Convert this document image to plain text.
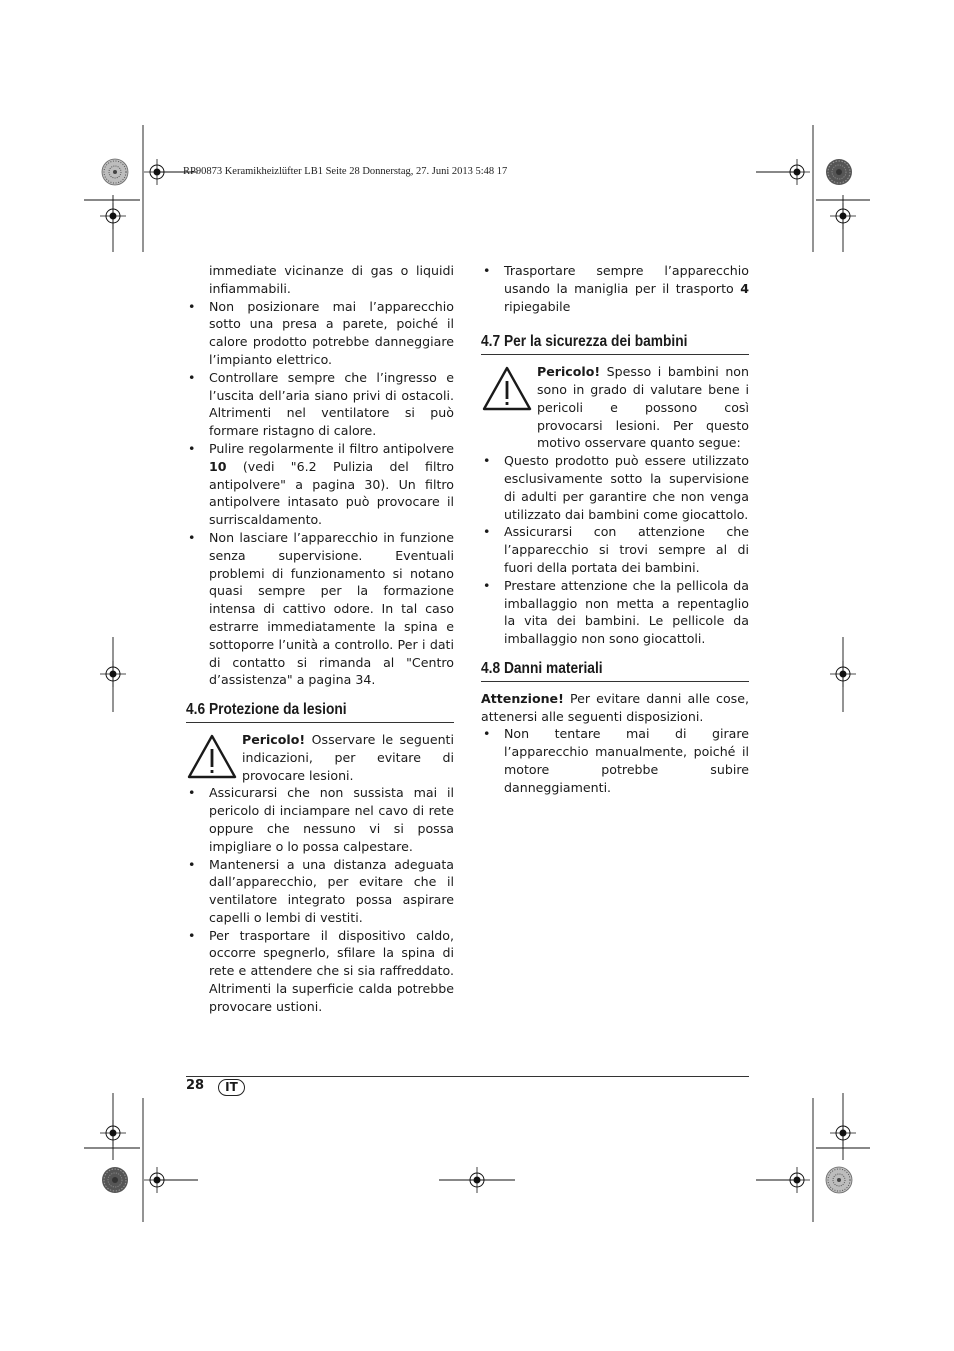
RP90873 Keramikheizlüfter LB1 Seite 28 Donnerstag, 27. Juni 2013 5:48 17

immediate vicinanze di gas o liquidi infiammabili.

• Non posizionare mai l’apparecchio sotto una presa a parete, poiché il calore prodotto potrebbe danneggiare l’impianto elettrico.
• Controllare sempre che l’ingresso e l’uscita dell’aria siano privi di ostacoli. Altrimenti nel ventilatore si può formare ristagno di calore.
• Pulire regolarmente il filtro antipolvere 10 (vedi "6.2 Pulizia del filtro antipolvere" a pagina 30). Un filtro antipolvere intasato può provocare il surriscaldamento.
• Non lasciare l’apparecchio in funzione senza supervisione. Eventuali problemi di funzionamento si notano quasi sempre per la formazione intensa di cattivo odore. In tal caso estrarre immediatamente la spina e sottoporre l’unità a controllo. Per i dati di contatto si rimanda al "Centro d’assistenza" a pagina 34.
4.6 Protezione da lesioni
Pericolo! Osservare le seguenti indicazioni, per evitare di provocare lesioni.
• Assicurarsi che non sussista mai il pericolo di inciampare nel cavo di rete oppure che nessuno vi si possa impigliare o lo possa calpestare.
• Mantenersi a una distanza adeguata dall’apparecchio, per evitare che il ventilatore integrato possa aspirare capelli o lembi di vestiti.
• Per trasportare il dispositivo caldo, occorre spegnerlo, sfilare la spina di rete e attendere che si sia raffreddato. Altrimenti la superficie calda potrebbe provocare ustioni.
• Trasportare sempre l’apparecchio usando la maniglia per il trasporto 4 ripiegabile
4.7 Per la sicurezza dei bambini
Pericolo! Spesso i bambini non sono in grado di valutare bene i pericoli e possono così provocarsi lesioni. Per questo motivo osservare quanto segue:
• Questo prodotto può essere utilizzato esclusivamente sotto la supervisione di adulti per garantire che non venga utilizzato dai bambini come giocattolo.
• Assicurarsi con attenzione che l’apparecchio si trovi sempre al di fuori della portata dei bambini.
• Prestare attenzione che la pellicola da imballaggio non metta a repentaglio la vita dei bambini. Le pellicole da imballaggio non sono giocattoli.
4.8 Danni materiali

Attenzione! Per evitare danni alle cose, attenersi alle seguenti disposizioni.

• Non tentare mai di girare l’apparecchio manualmente, poiché il motore potrebbe subire danneggiamenti.
28	IT
